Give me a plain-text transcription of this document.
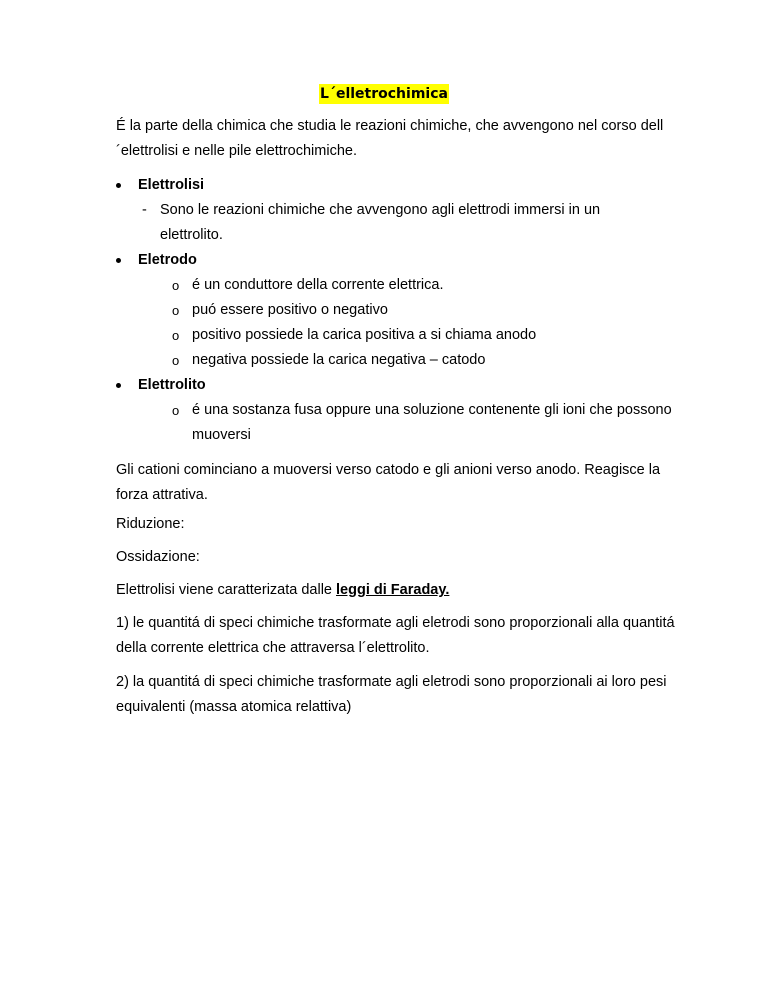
L´elletrochimica

É la parte della chimica che studia le reazioni chimiche, che avvengono nel corso dell´elettrolisi e nelle pile elettrochimiche.

Elettrolisi
- Sono le reazioni chimiche che avvengono agli elettrodi immersi in un elettrolito.
Eletrodo
o é un conduttore della corrente elettrica.
o puó essere positivo o negativo
o positivo possiede la carica positiva a si chiama anodo
o negativa possiede la carica negativa – catodo
Elettrolito
o é una sostanza fusa oppure una soluzione contenente gli ioni che possono muoversi

Gli cationi cominciano a muoversi verso catodo e gli anioni verso anodo. Reagisce la forza attrativa.

Riduzione:

Ossidazione:

Elettrolisi viene caratterizata dalle leggi di Faraday.

1) le quantitá di speci chimiche trasformate agli eletrodi sono proporzionali alla quantitá della corrente elettrica che attraversa l´elettrolito.

2) la quantitá di speci chimiche trasformate agli eletrodi sono proporzionali ai loro pesi equivalenti (massa atomica relattiva)
